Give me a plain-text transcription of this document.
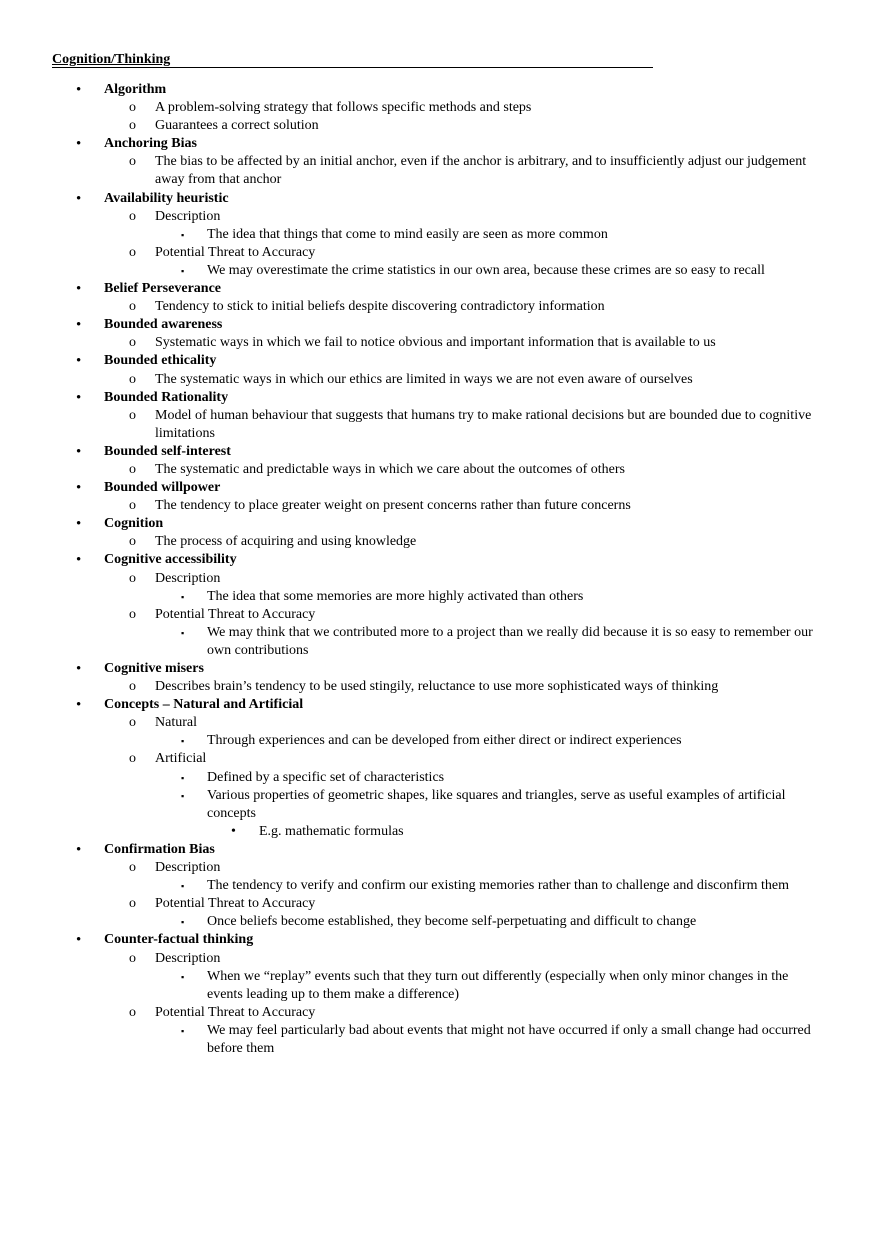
Cognition/Thinking
• Algorithm
o A problem-solving strategy that follows specific methods and steps
o Guarantees a correct solution
• Anchoring Bias
o The bias to be affected by an initial anchor, even if the anchor is arbitrary, and to insufficiently adjust our judgement away from that anchor
• Availability heuristic
o Description
▪ The idea that things that come to mind easily are seen as more common
o Potential Threat to Accuracy
▪ We may overestimate the crime statistics in our own area, because these crimes are so easy to recall
• Belief Perseverance
o Tendency to stick to initial beliefs despite discovering contradictory information
• Bounded awareness
o Systematic ways in which we fail to notice obvious and important information that is available to us
• Bounded ethicality
o The systematic ways in which our ethics are limited in ways we are not even aware of ourselves
• Bounded Rationality
o Model of human behaviour that suggests that humans try to make rational decisions but are bounded due to cognitive limitations
• Bounded self-interest
o The systematic and predictable ways in which we care about the outcomes of others
• Bounded willpower
o The tendency to place greater weight on present concerns rather than future concerns
• Cognition
o The process of acquiring and using knowledge
• Cognitive accessibility
o Description
▪ The idea that some memories are more highly activated than others
o Potential Threat to Accuracy
▪ We may think that we contributed more to a project than we really did because it is so easy to remember our own contributions
• Cognitive misers
o Describes brain’s tendency to be used stingily, reluctance to use more sophisticated ways of thinking
• Concepts – Natural and Artificial
o Natural
▪ Through experiences and can be developed from either direct or indirect experiences
o Artificial
▪ Defined by a specific set of characteristics
▪ Various properties of geometric shapes, like squares and triangles, serve as useful examples of artificial concepts
• E.g. mathematic formulas
• Confirmation Bias
o Description
▪ The tendency to verify and confirm our existing memories rather than to challenge and disconfirm them
o Potential Threat to Accuracy
▪ Once beliefs become established, they become self-perpetuating and difficult to change
• Counter-factual thinking
o Description
▪ When we “replay” events such that they turn out differently (especially when only minor changes in the events leading up to them make a difference)
o Potential Threat to Accuracy
▪ We may feel particularly bad about events that might not have occurred if only a small change had occurred before them
